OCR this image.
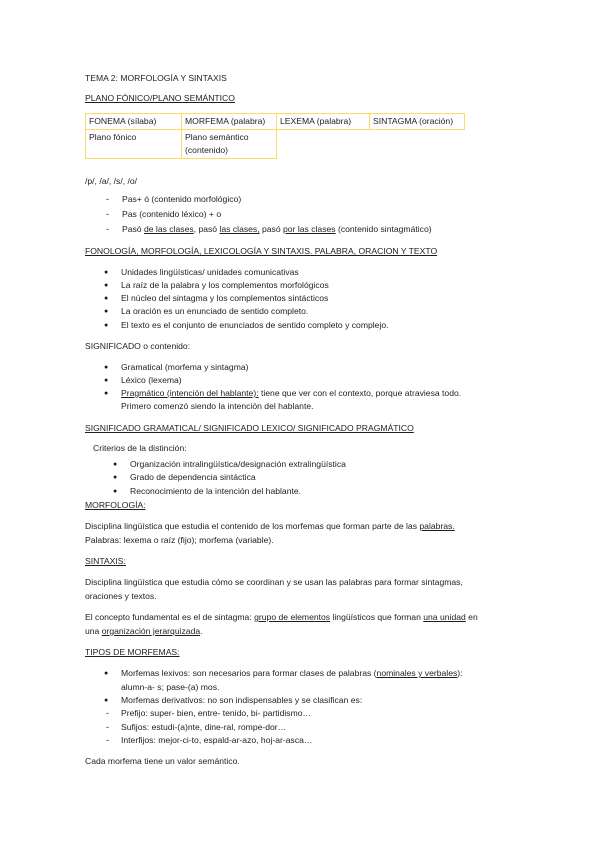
TEMA 2: MORFOLOGÍA Y SINTAXIS
PLANO FÓNICO/PLANO SEMÁNTICO
FONEMA (sílaba)	MORFEMA (palabra)	LEXEMA (palabra)	SINTAGMA (oración)
Plano fónico	Plano semántico
(contenido)		

/p/, /a/, /s/, /o/
- Pas+ ó (contenido morfológico)
- Pas (contenido léxico) + o
- Pasó de las clases, pasó las clases, pasó por las clases (contenido sintagmático)
FONOLOGÍA, MORFOLOGÍA, LEXICOLOGÍA Y SINTAXIS. PALABRA, ORACION Y TEXTO
● Unidades lingüísticas/ unidades comunicativas
● La raíz de la palabra y los complementos morfológicos
● El núcleo del sintagma y los complementos sintácticos
● La oración es un enunciado de sentido completo.
● El texto es el conjunto de enunciados de sentido completo y complejo.
SIGNIFICADO o contenido:
● Gramatical (morfema y sintagma)
● Léxico (lexema)
● Pragmático (intención del hablante): tiene que ver con el contexto, porque atraviesa todo.
Primero comenzó siendo la intención del hablante.
SIGNIFICADO GRAMATICAL/ SIGNIFICADO LEXICO/ SIGNIFICADO PRAGMÁTICO
Criterios de la distinción:
● Organización intralingüística/designación extralingüística
● Grado de dependencia sintáctica
● Reconocimiento de la intención del hablante.
MORFOLOGÍA:
Disciplina lingüística que estudia el contenido de los morfemas que forman parte de las palabras.
Palabras: lexema o raíz (fijo); morfema (variable).
SINTAXIS:
Disciplina lingüística que estudia cómo se coordinan y se usan las palabras para formar sintagmas,
oraciones y textos.
El concepto fundamental es el de sintagma: grupo de elementos lingüísticos que forman una unidad en
una organización jerarquizada.
TIPOS DE MORFEMAS:
● Morfemas lexivos: son necesarios para formar clases de palabras (nominales y verbales):
alumn-a- s; pase-(a) mos.
● Morfemas derivativos: no son indispensables y se clasifican es:
- Prefijo: super- bien, entre- tenido, bi- partidismo…
- Sufijos: estudi-(a)nte, dine-ral, rompe-dor…
- Interfijos: mejor-ci-to, espald-ar-azo, hoj-ar-asca…
Cada morfema tiene un valor semántico.
